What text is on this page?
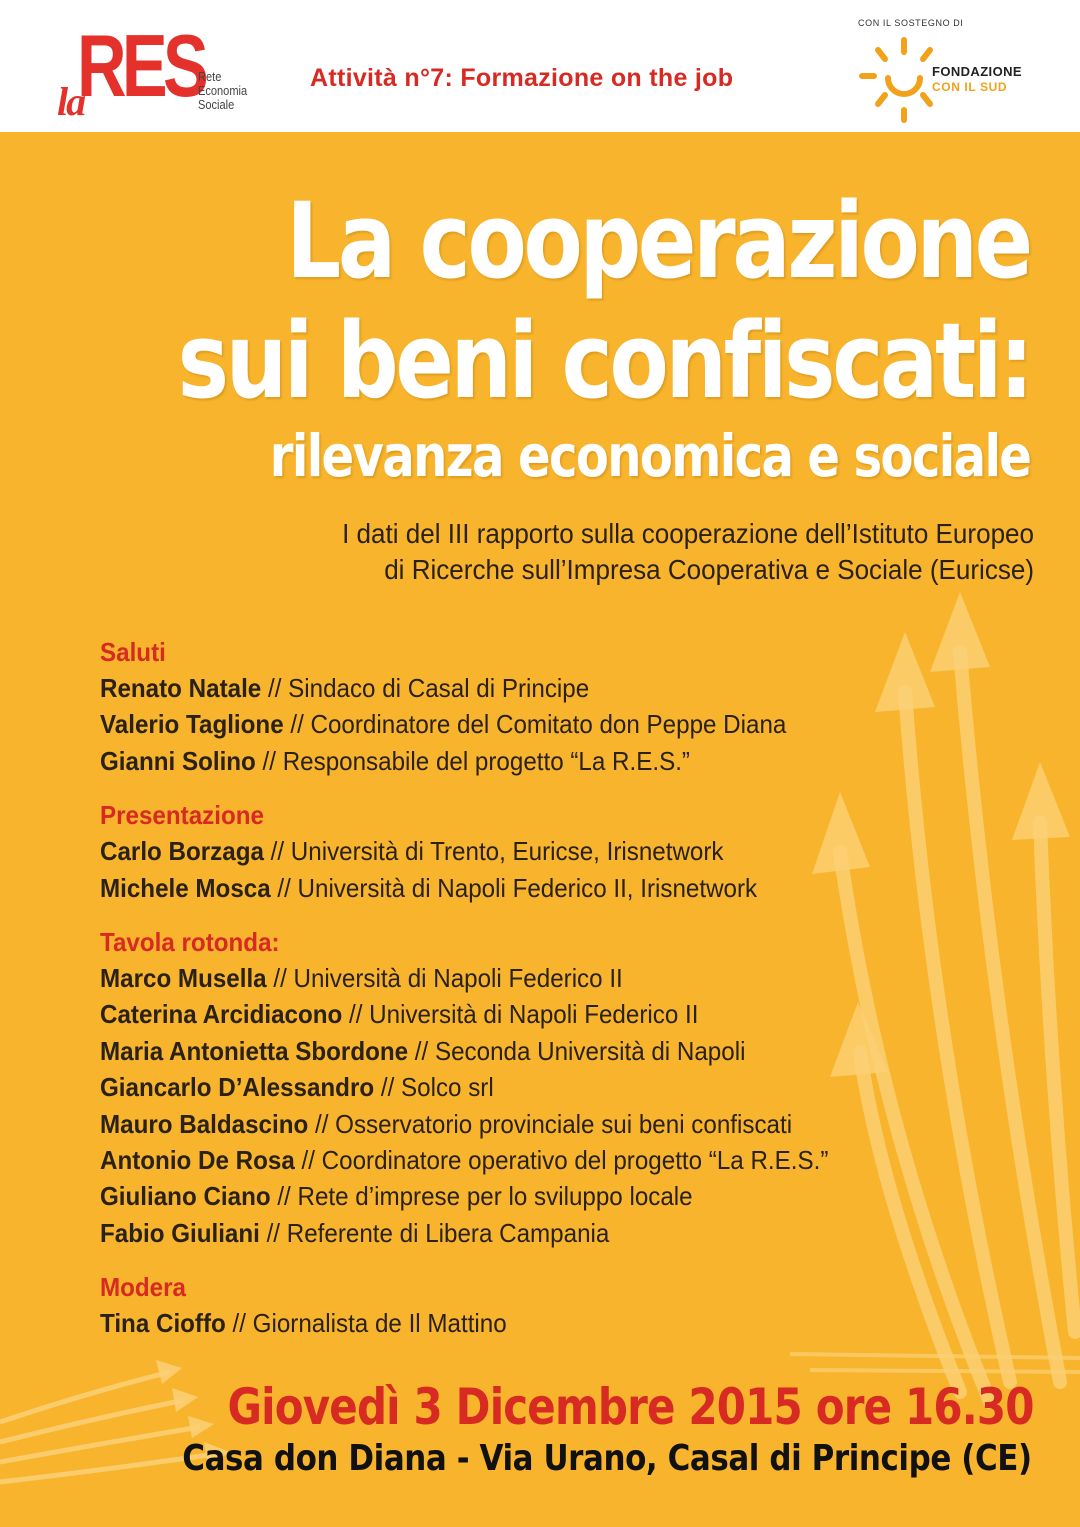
RES
la
Rete
Economia
Sociale
Attività n°7: Formazione on the job
CON IL SOSTEGNO DI
FONDAZIONE
CON IL SUD
La cooperazione
sui beni confiscati:
rilevanza economica e sociale
I dati del III rapporto sulla cooperazione dell’Istituto Europeo
di Ricerche sull’Impresa Cooperativa e Sociale (Euricse)
Saluti
Renato Natale // Sindaco di Casal di Principe
Valerio Taglione // Coordinatore del Comitato don Peppe Diana
Gianni Solino // Responsabile del progetto “La R.E.S.”
Presentazione
Carlo Borzaga // Università di Trento, Euricse, Irisnetwork
Michele Mosca // Università di Napoli Federico II, Irisnetwork
Tavola rotonda:
Marco Musella // Università di Napoli Federico II
Caterina Arcidiacono // Università di Napoli Federico II
Maria Antonietta Sbordone // Seconda Università di Napoli
Giancarlo D’Alessandro // Solco srl
Mauro Baldascino // Osservatorio provinciale sui beni confiscati
Antonio De Rosa // Coordinatore operativo del progetto “La R.E.S.”
Giuliano Ciano // Rete d’imprese per lo sviluppo locale
Fabio Giuliani // Referente di Libera Campania
Modera
Tina Cioffo // Giornalista de Il Mattino
Giovedì 3 Dicembre 2015 ore 16.30
Casa don Diana - Via Urano, Casal di Principe (CE)
